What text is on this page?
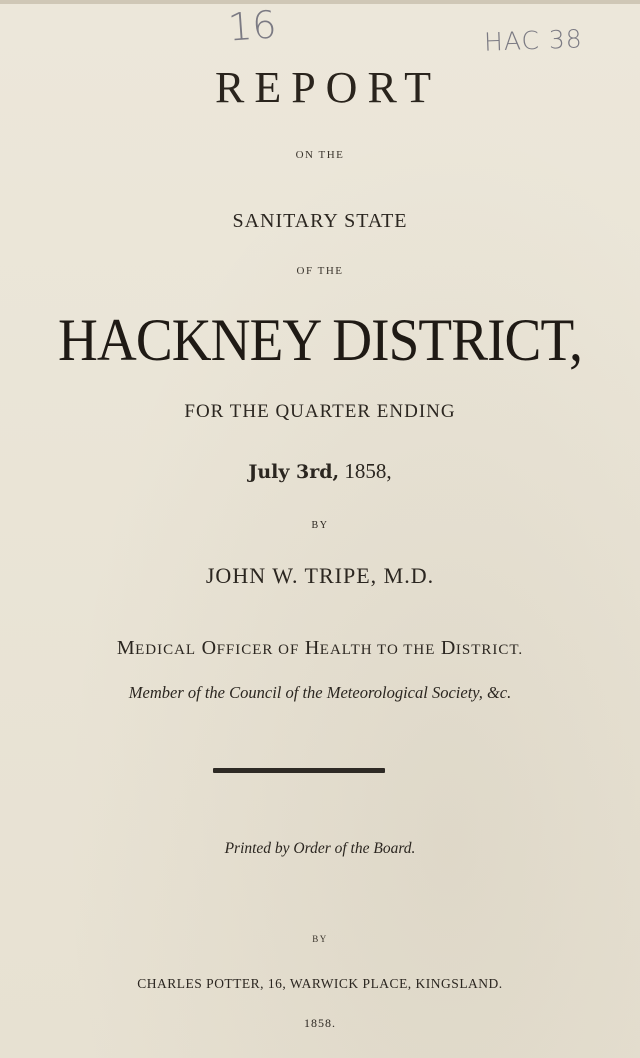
16	HAC 38
REPORT
ON THE
SANITARY STATE
OF THE
HACKNEY DISTRICT,
FOR THE QUARTER ENDING
July 3rd, 1858,
BY
JOHN W. TRIPE, M.D.
MEDICAL OFFICER OF HEALTH TO THE DISTRICT.
Member of the Council of the Meteorological Society, &c.
Printed by Order of the Board.
BY
CHARLES POTTER, 16, WARWICK PLACE, KINGSLAND.
1858.
